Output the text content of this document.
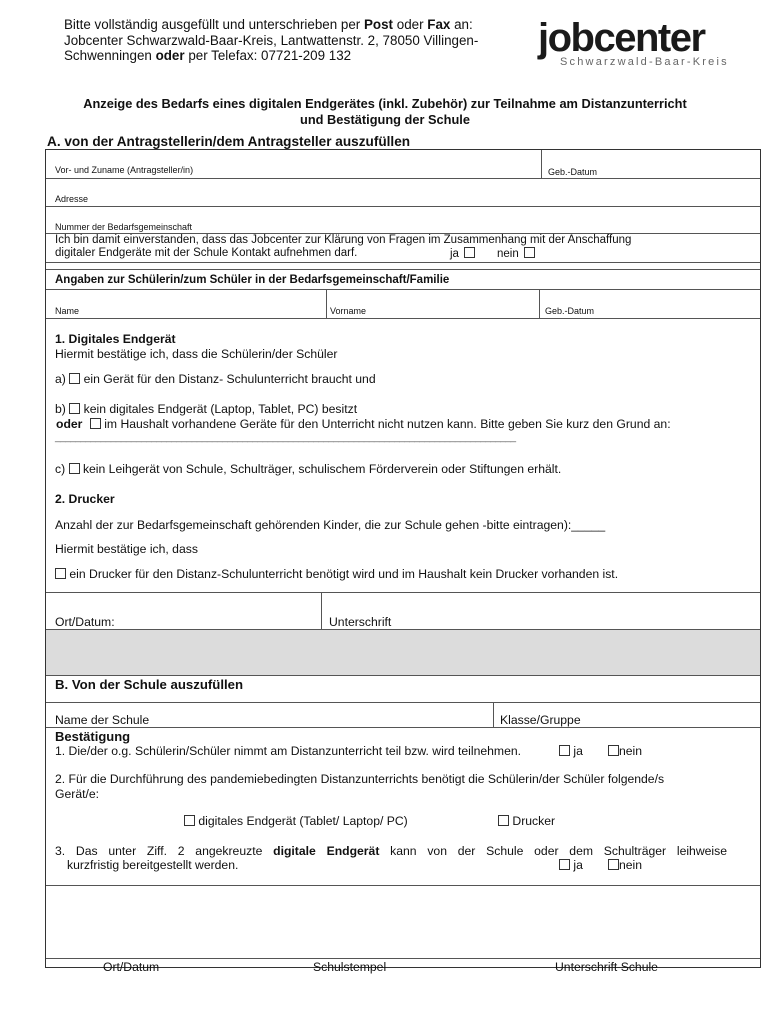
Bitte vollständig ausgefüllt und unterschrieben per Post oder Fax an:
Jobcenter Schwarzwald-Baar-Kreis, Lantwattenstr. 2, 78050 Villingen-
Schwenningen oder per Telefax: 07721-209 132	jobcenter
Schwarzwald-Baar-Kreis
Anzeige des Bedarfs eines digitalen Endgerätes (inkl. Zubehör) zur Teilnahme am Distanzunterricht
und Bestätigung der Schule
A. von der Antragstellerin/dem Antragsteller auszufüllen
Vor- und Zuname (Antragsteller/in)	Geb.-Datum
Adresse
Nummer der Bedarfsgemeinschaft
Ich bin damit einverstanden, dass das Jobcenter zur Klärung von Fragen im Zusammenhang mit der Anschaffung
digitaler Endgeräte mit der Schule Kontakt aufnehmen darf.	ja	nein
Angaben zur Schülerin/zum Schüler in der Bedarfsgemeinschaft/Familie
Name	Vorname	Geb.-Datum
1. Digitales Endgerät
Hiermit bestätige ich, dass die Schülerin/der Schüler
a) ein Gerät für den Distanz- Schulunterricht braucht und
b) kein digitales Endgerät (Laptop, Tablet, PC) besitzt
oder im Haushalt vorhandene Geräte für den Unterricht nicht nutzen kann. Bitte geben Sie kurz den Grund an:
___________________________________________________________________________________________
c) kein Leihgerät von Schule, Schulträger, schulischem Förderverein oder Stiftungen erhält.
2. Drucker
Anzahl der zur Bedarfsgemeinschaft gehörenden Kinder, die zur Schule gehen -bitte eintragen):_____
Hiermit bestätige ich, dass
ein Drucker für den Distanz-Schulunterricht benötigt wird und im Haushalt kein Drucker vorhanden ist.
Ort/Datum:	Unterschrift
B. Von der Schule auszufüllen
Name der Schule	Klasse/Gruppe
Bestätigung
1. Die/der o.g. Schülerin/Schüler nimmt am Distanzunterricht teil bzw. wird teilnehmen.	ja	nein
2. Für die Durchführung des pandemiebedingten Distanzunterrichts benötigt die Schülerin/der Schüler folgende/s
Gerät/e:
digitales Endgerät (Tablet/ Laptop/ PC)	Drucker
3. Das unter Ziff. 2 angekreuzte digitale Endgerät kann von der Schule oder dem Schulträger leihweise
kurzfristig bereitgestellt werden.	ja	nein
Ort/Datum	Schulstempel	Unterschrift Schule
